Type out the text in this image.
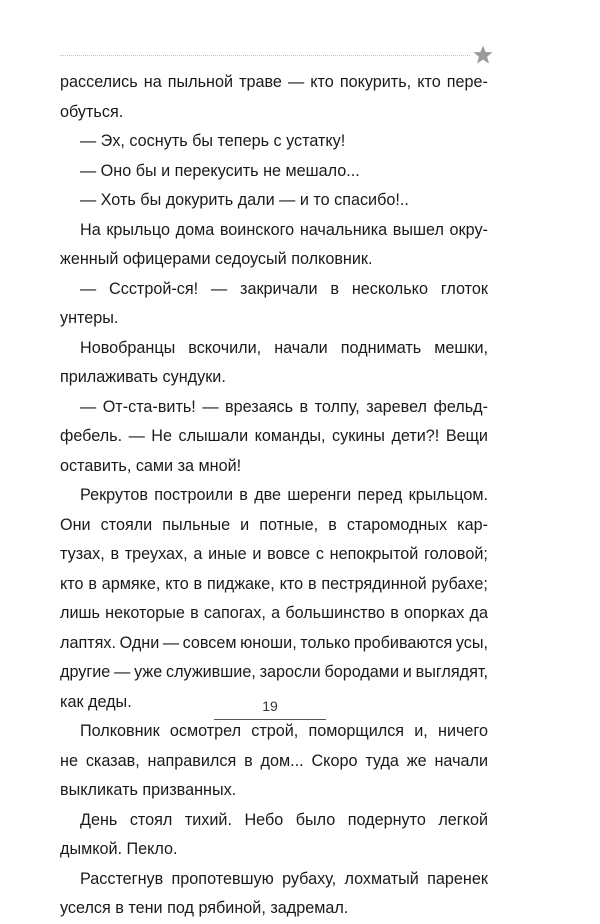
расселись на пыльной траве — кто покурить, кто пере-
обуться.
— Эх, соснуть бы теперь с устатку!
— Оно бы и перекусить не мешало...
— Хоть бы докурить дали — и то спасибо!..
На крыльцо дома воинского начальника вышел окру-
женный офицерами седоусый полковник.
— Ссстрой-ся! — закричали в несколько глоток
унтеры.
Новобранцы вскочили, начали поднимать мешки,
прилаживать сундуки.
— От-ста-вить! — врезаясь в толпу, заревел фельд-
фебель. — Не слышали команды, сукины дети?! Вещи
оставить, сами за мной!
Рекрутов построили в две шеренги перед крыльцом.
Они стояли пыльные и потные, в старомодных кар-
тузах, в треухах, а иные и вовсе с непокрытой головой;
кто в армяке, кто в пиджаке, кто в пестрядинной рубахе;
лишь некоторые в сапогах, а большинство в опорках да
лаптях. Одни — совсем юноши, только пробиваются усы,
другие — уже служившие, заросли бородами и выглядят,
как деды.
Полковник осмотрел строй, поморщился и, ничего
не сказав, направился в дом... Скоро туда же начали
выкликать призванных.
День стоял тихий. Небо было подернуто легкой
дымкой. Пекло.
Расстегнув пропотевшую рубаху, лохматый паренек
уселся в тени под рябиной, задремал.
19
